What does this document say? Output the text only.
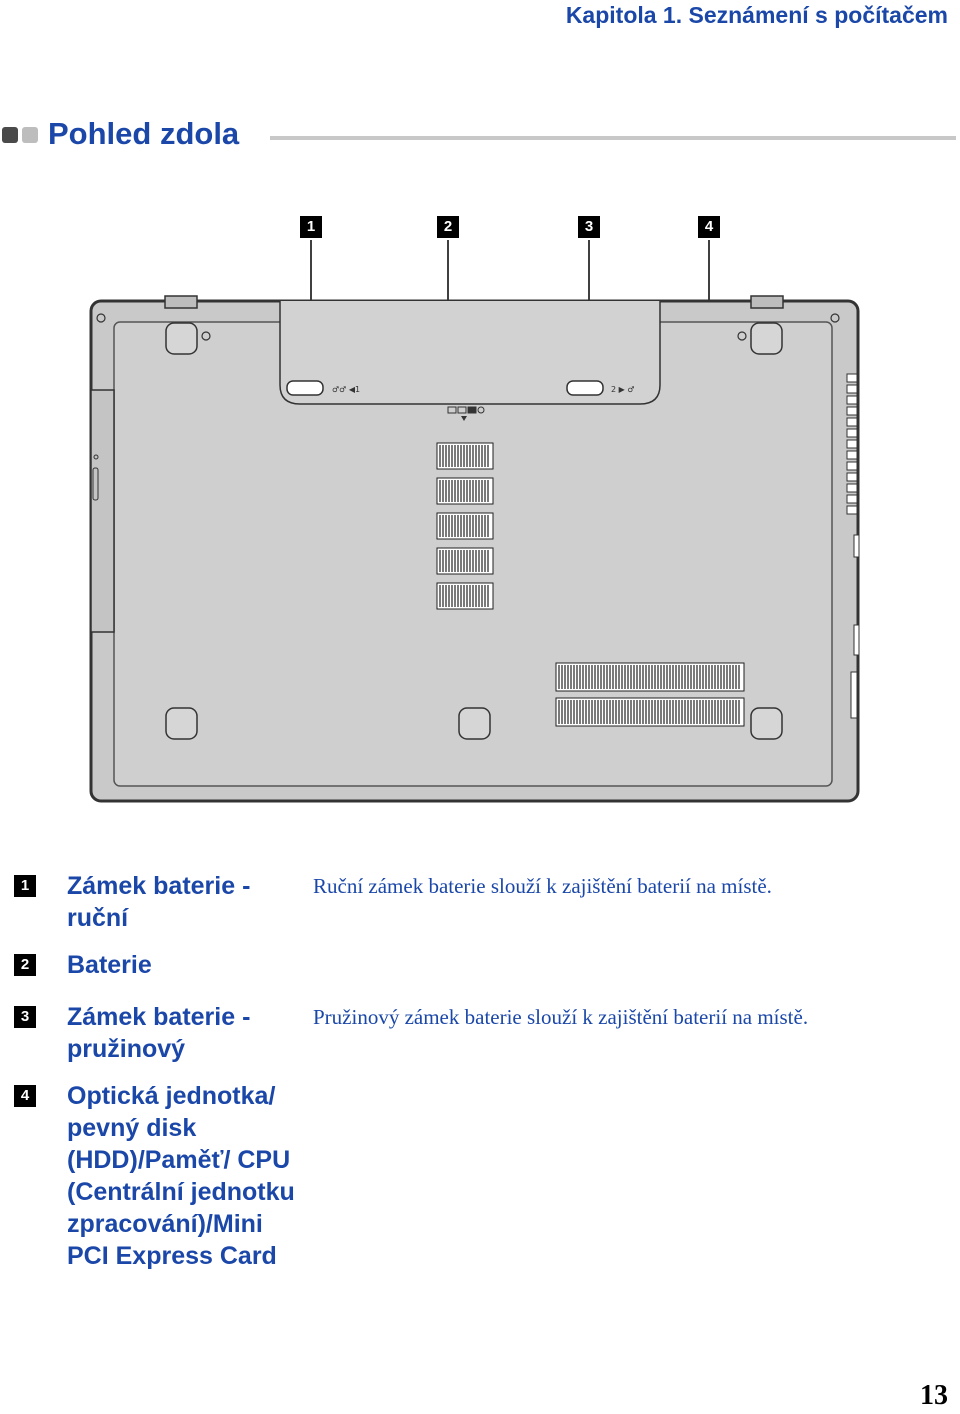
Kapitola 1. Seznámení s počítačem
Pohled zdola
1	2	3	4
♂♂ ◀1	2 ▶ ♂
1 Zámek baterie - ruční
Ruční zámek baterie slouží k zajištění baterií na místě.
2 Baterie
3 Zámek baterie - pružinový
Pružinový zámek baterie slouží k zajištění baterií na místě.
4 Optická jednotka/ pevný disk (HDD)/Paměť/ CPU (Centrální jednotku zpracování)/Mini PCI Express Card
13
